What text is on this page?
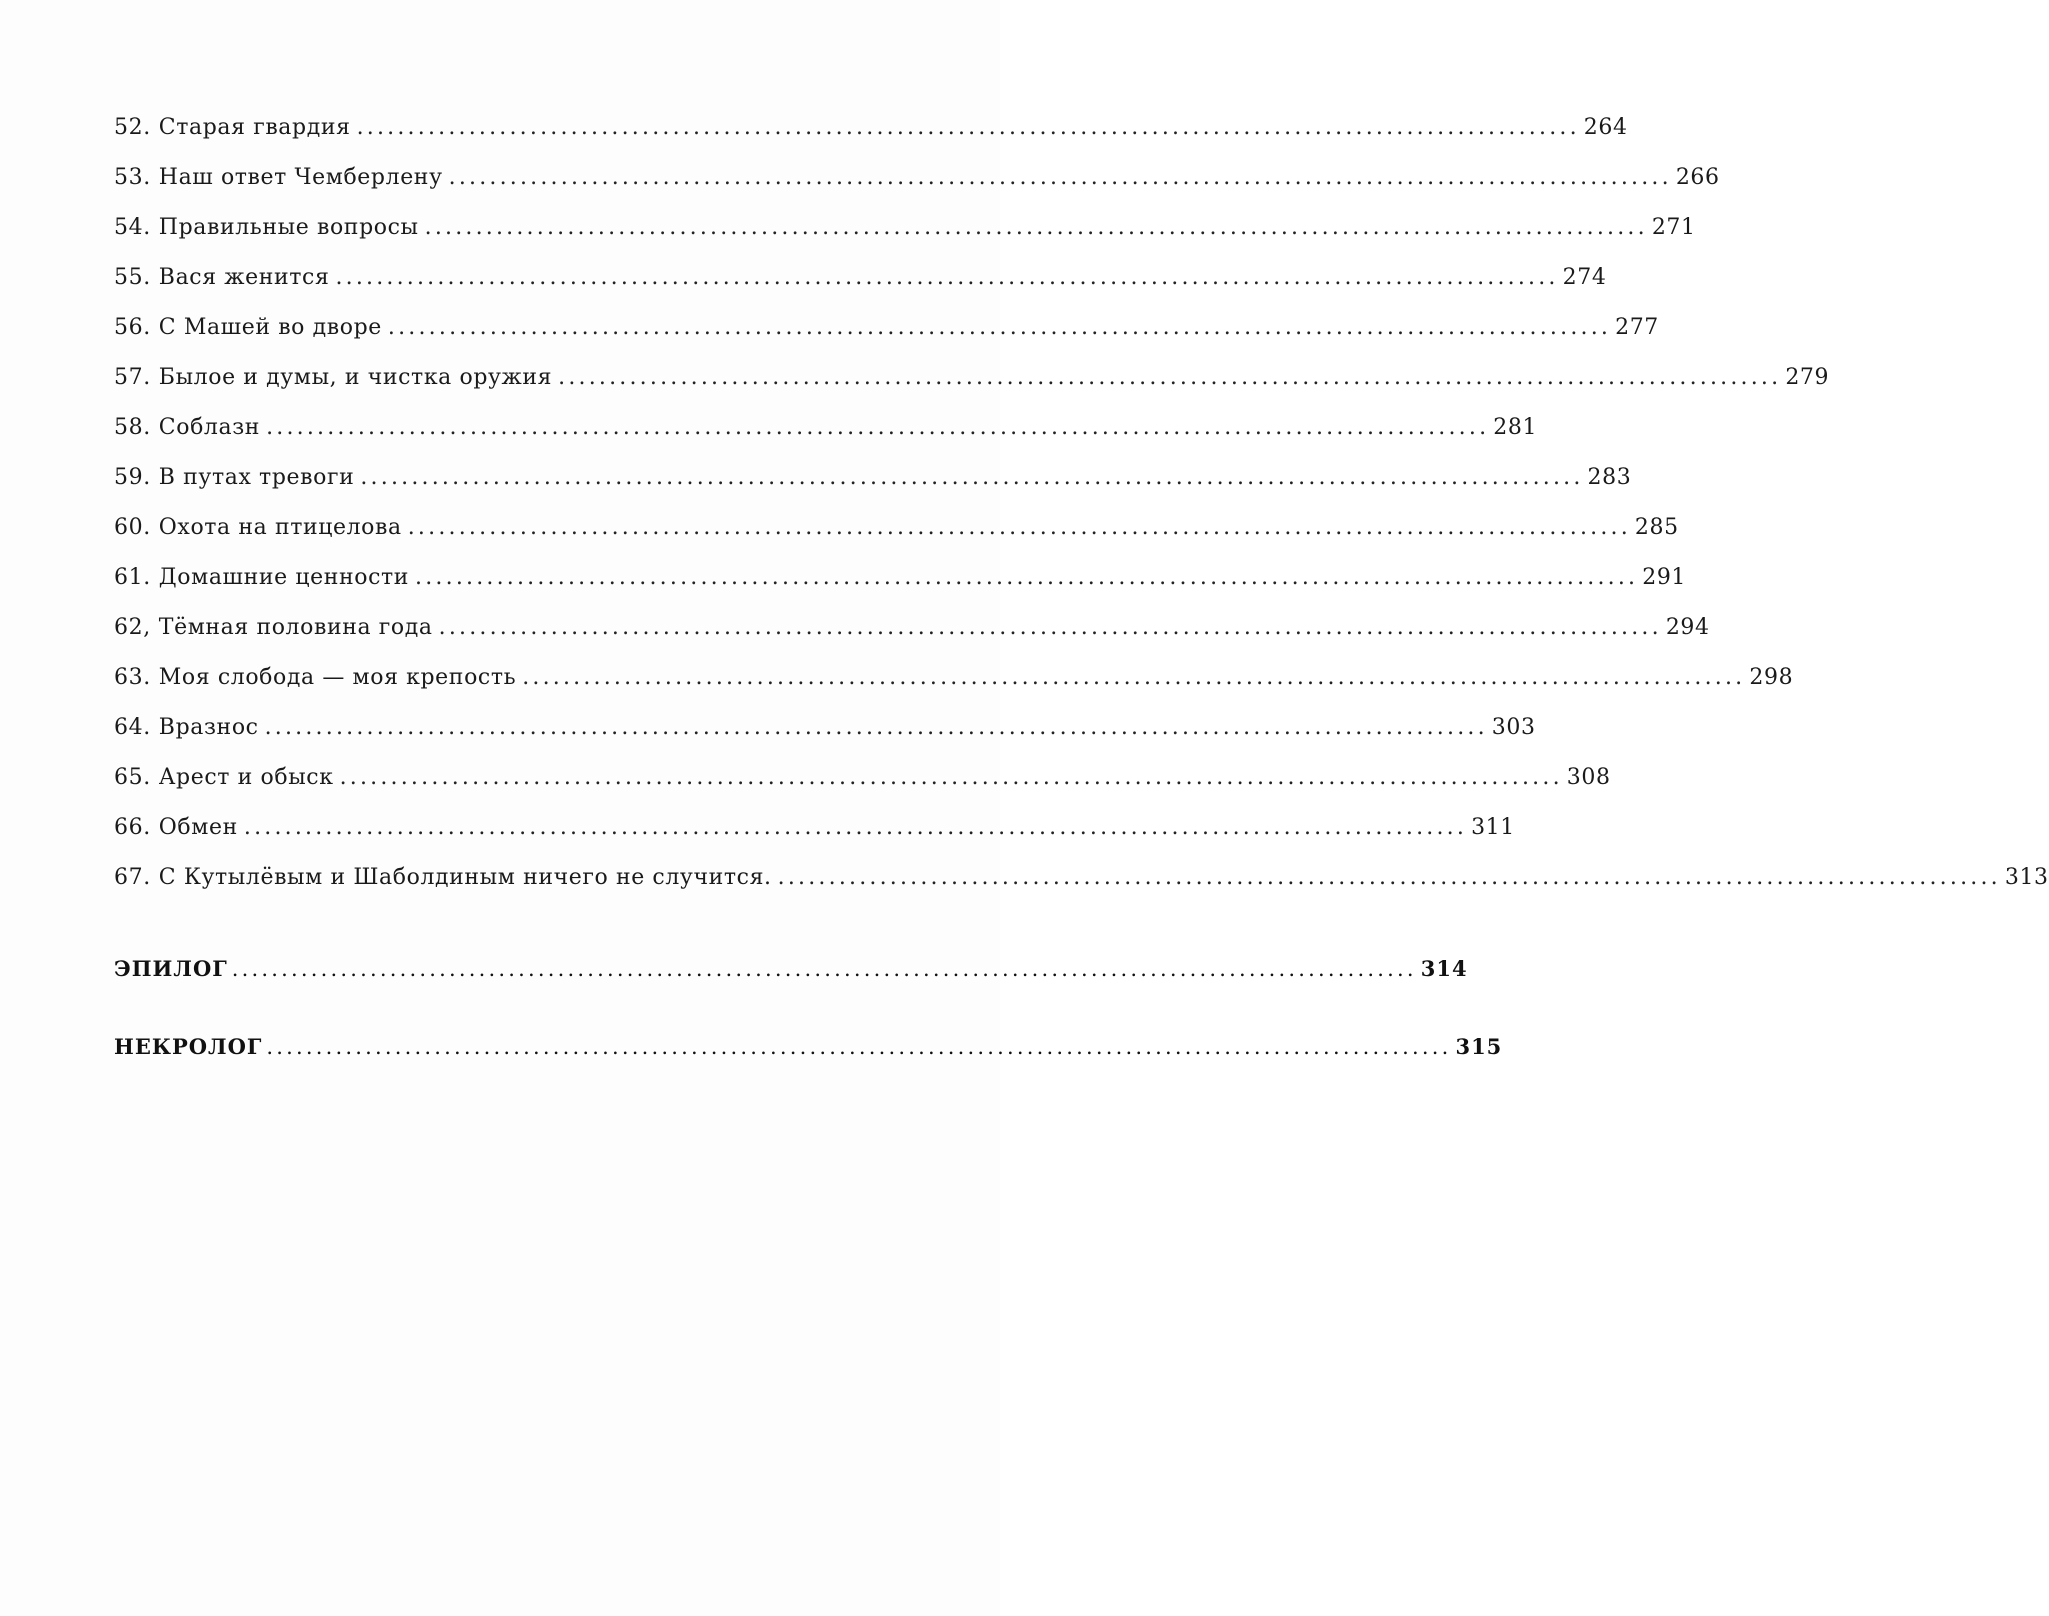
52. Старая гвардия ........................................................................................................................ 264
53. Наш ответ Чемберлену ........................................................................................................................ 266
54. Правильные вопросы ........................................................................................................................ 271
55. Вася женится ........................................................................................................................ 274
56. С Машей во дворе ........................................................................................................................ 277
57. Былое и думы, и чистка оружия ........................................................................................................................ 279
58. Соблазн ........................................................................................................................ 281
59. В путах тревоги ........................................................................................................................ 283
60. Охота на птицелова ........................................................................................................................ 285
61. Домашние ценности ........................................................................................................................ 291
62, Тёмная половина года ........................................................................................................................ 294
63. Моя слобода — моя крепость ........................................................................................................................ 298
64. Вразнос ........................................................................................................................ 303
65. Арест и обыск ........................................................................................................................ 308
66. Обмен ........................................................................................................................ 311
67. С Кутылёвым и Шаболдиным ничего не случится. ........................................................................................................................ 313
ЭПИЛОГ ........................................................................................................................ 314
НЕКРОЛОГ ........................................................................................................................ 315
